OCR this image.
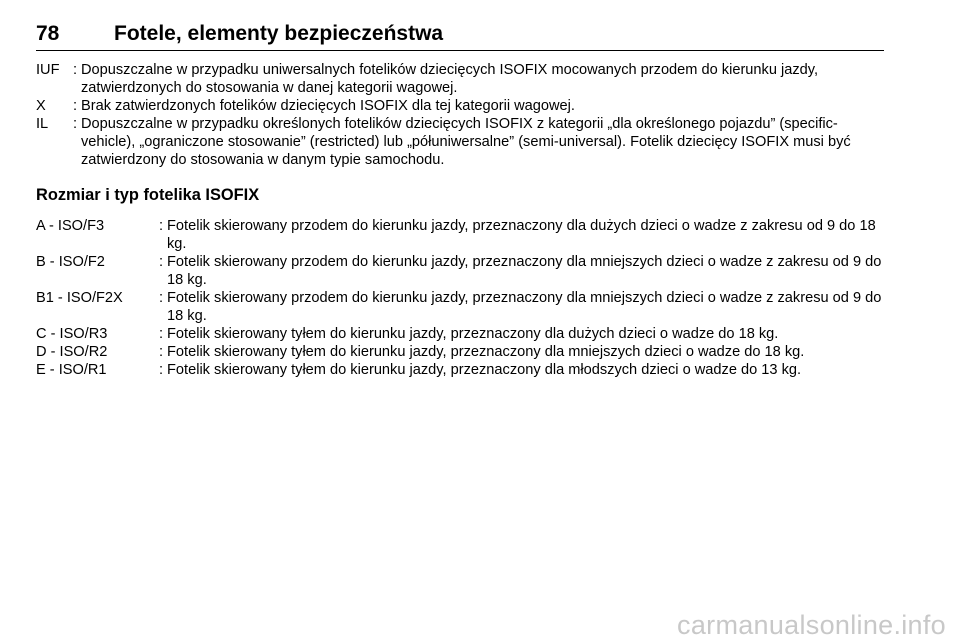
78	Fotele, elementy bezpieczeństwa
IUF : Dopuszczalne w przypadku uniwersalnych fotelików dziecięcych ISOFIX mocowanych przodem do kierunku jazdy, zatwierdzonych do stosowania w danej kategorii wagowej.
X	: Brak zatwierdzonych fotelików dziecięcych ISOFIX dla tej kategorii wagowej.
IL	: Dopuszczalne w przypadku określonych fotelików dziecięcych ISOFIX z kategorii „dla określonego pojazdu” (specific-vehicle), „ograniczone stosowanie” (restricted) lub „półuniwersalne” (semi-universal). Fotelik dziecięcy ISOFIX musi być zatwierdzony do stosowania w danym typie samochodu.
Rozmiar i typ fotelika ISOFIX
A - ISO/F3	: Fotelik skierowany przodem do kierunku jazdy, przeznaczony dla dużych dzieci o wadze z zakresu od 9 do 18 kg.
B - ISO/F2	: Fotelik skierowany przodem do kierunku jazdy, przeznaczony dla mniejszych dzieci o wadze z zakresu od 9 do 18 kg.
B1 - ISO/F2X	: Fotelik skierowany przodem do kierunku jazdy, przeznaczony dla mniejszych dzieci o wadze z zakresu od 9 do 18 kg.
C - ISO/R3	: Fotelik skierowany tyłem do kierunku jazdy, przeznaczony dla dużych dzieci o wadze do 18 kg.
D - ISO/R2	: Fotelik skierowany tyłem do kierunku jazdy, przeznaczony dla mniejszych dzieci o wadze do 18 kg.
E - ISO/R1	: Fotelik skierowany tyłem do kierunku jazdy, przeznaczony dla młodszych dzieci o wadze do 13 kg.
carmanualsonline.info
